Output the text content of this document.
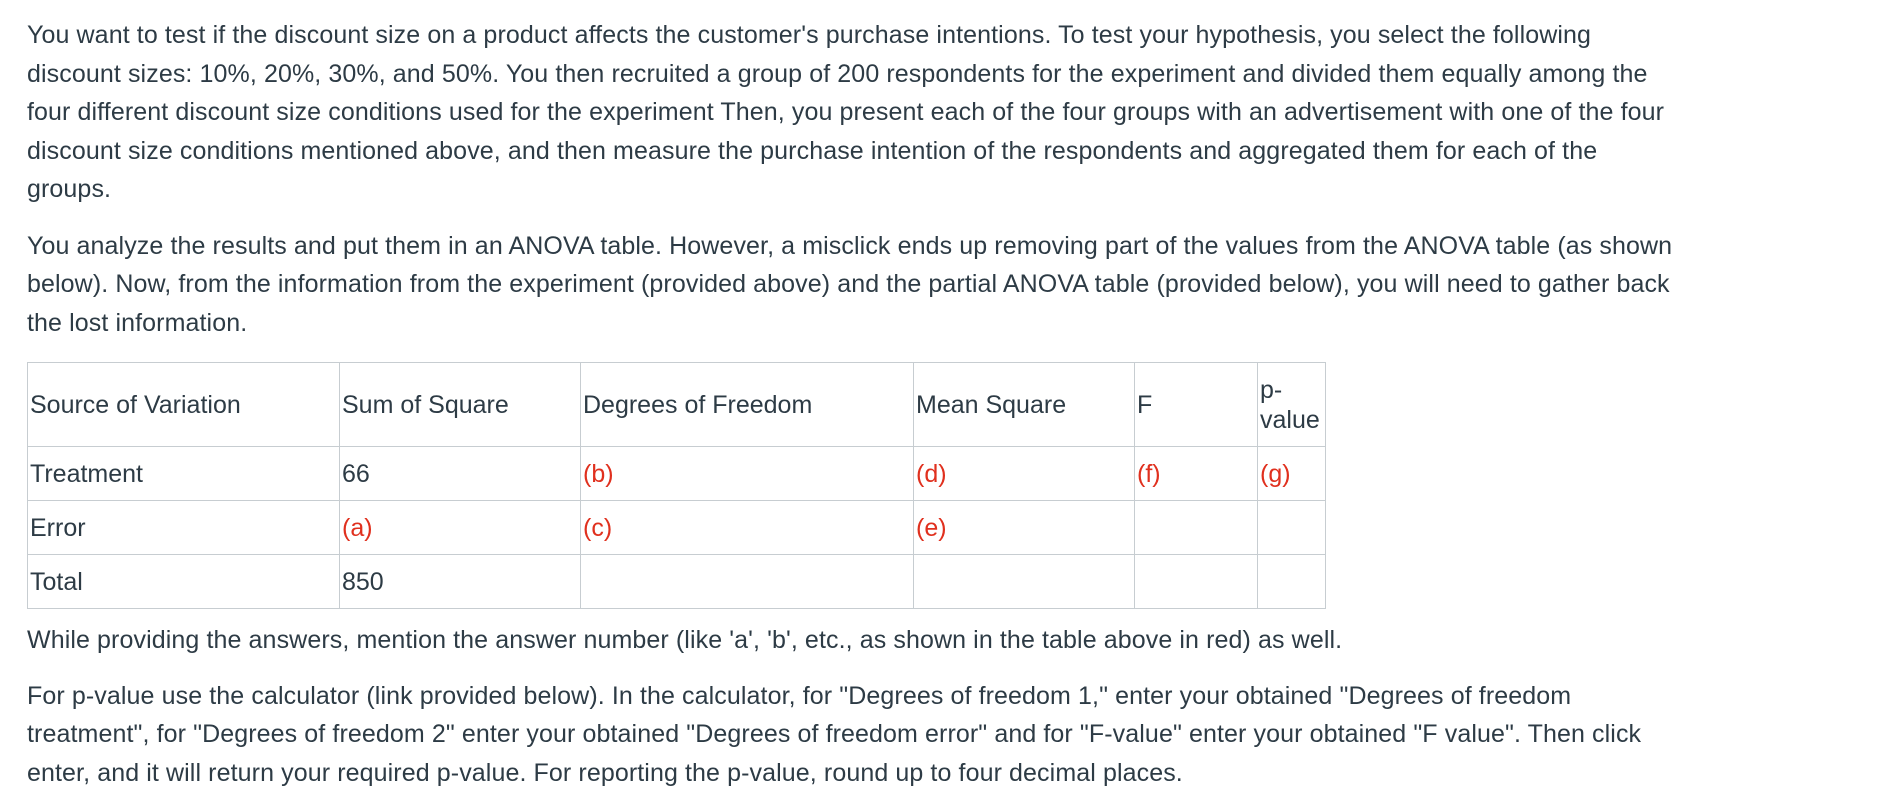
You want to test if the discount size on a product affects the customer's purchase intentions. To test your hypothesis, you select the following discount sizes: 10%, 20%, 30%, and 50%. You then recruited a group of 200 respondents for the experiment and divided them equally among the four different discount size conditions used for the experiment Then, you present each of the four groups with an advertisement with one of the four discount size conditions mentioned above, and then measure the purchase intention of the respondents and aggregated them for each of the groups.

You analyze the results and put them in an ANOVA table. However, a misclick ends up removing part of the values from the ANOVA table (as shown below). Now, from the information from the experiment (provided above) and the partial ANOVA table (provided below), you will need to gather back the lost information.

Source of Variation	Sum of Square	Degrees of Freedom	Mean Square	F	p-value
Treatment	66	(b)	(d)	(f)	(g)
Error	(a)	(c)	(e)		
Total	850				

While providing the answers, mention the answer number (like 'a', 'b', etc., as shown in the table above in red) as well.

For p-value use the calculator (link provided below). In the calculator, for "Degrees of freedom 1," enter your obtained "Degrees of freedom treatment", for "Degrees of freedom 2" enter your obtained "Degrees of freedom error" and for "F-value" enter your obtained "F value". Then click enter, and it will return your required p-value. For reporting the p-value, round up to four decimal places.
